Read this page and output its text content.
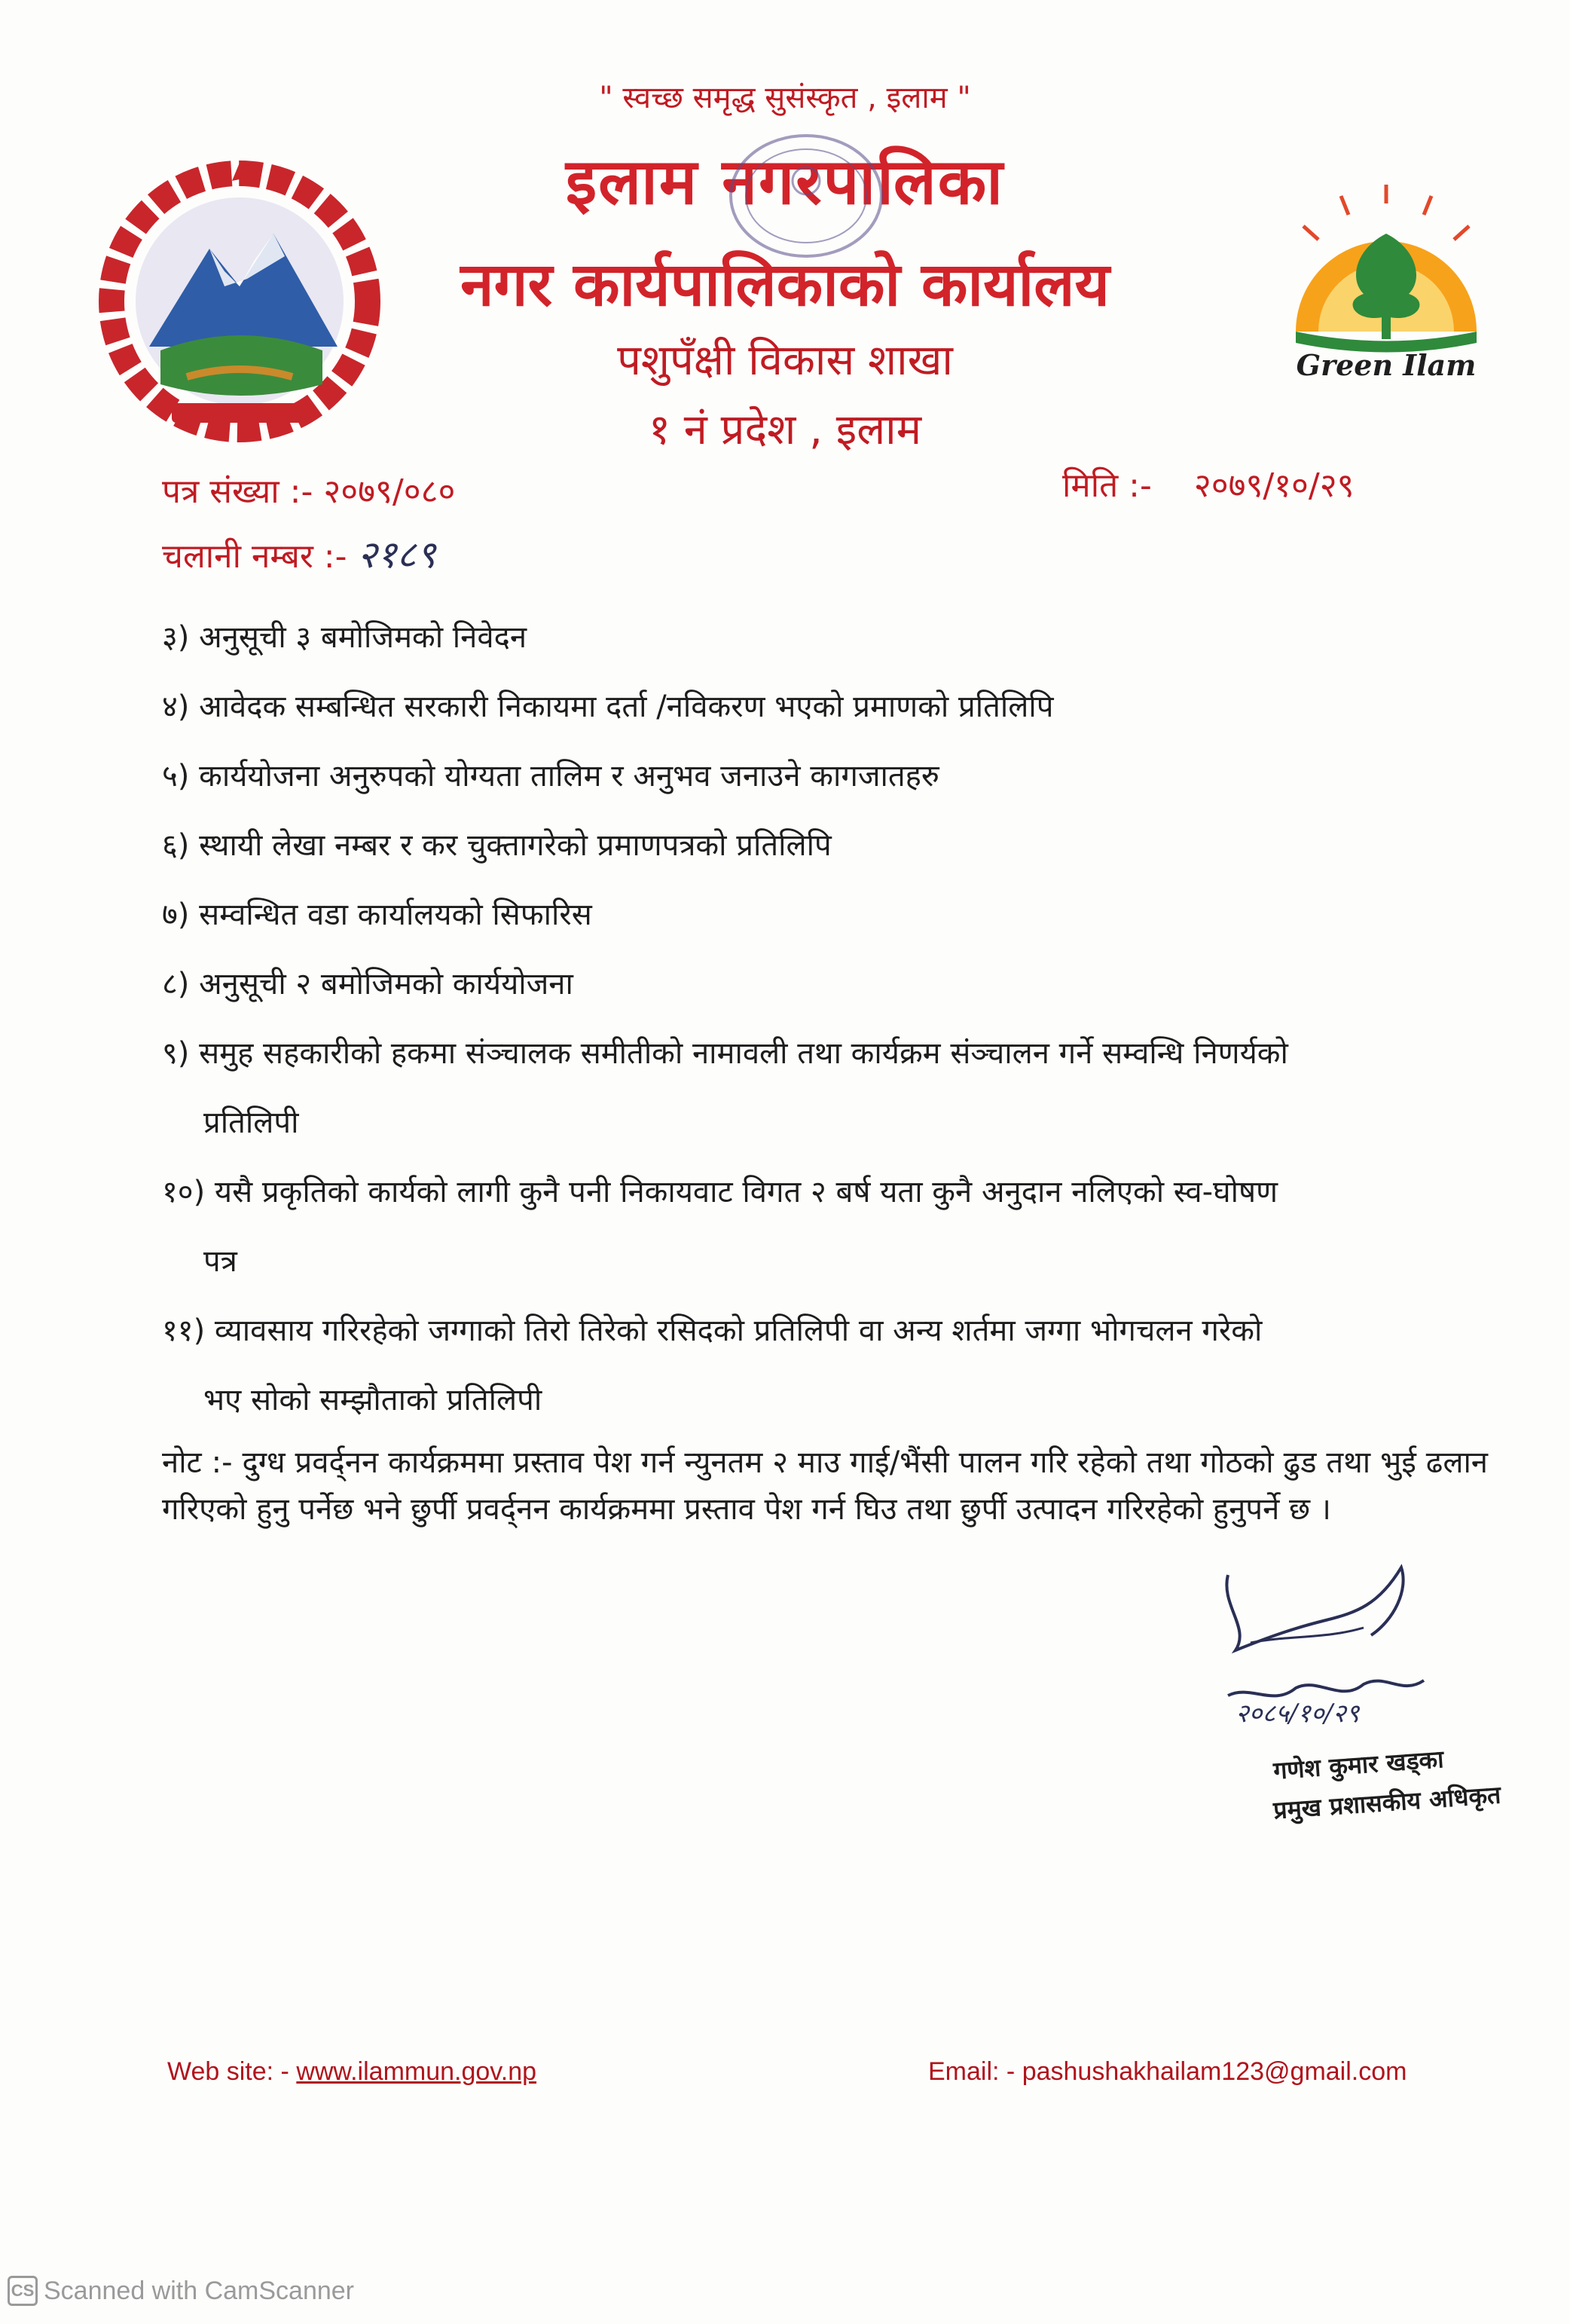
" स्वच्छ समृद्ध सुसंस्कृत , इलाम "
इलाम नगरपालिका
नगर कार्यपालिकाको कार्यालय
पशुपँक्षी विकास शाखा
१ नं प्रदेश , इलाम
Green Ilam
पत्र संख्या :- २०७९/०८०	मिति :- २०७९/१०/२९
चलानी नम्बर :- २१८९

३) अनुसूची ३ बमोजिमको निवेदन

४) आवेदक सम्बन्धित सरकारी निकायमा दर्ता /नविकरण भएको प्रमाणको प्रतिलिपि

५) कार्ययोजना अनुरुपको योग्यता तालिम र अनुभव जनाउने कागजातहरु

६) स्थायी लेखा नम्बर र कर चुक्तागरेको प्रमाणपत्रको प्रतिलिपि

७) सम्वन्धित वडा कार्यालयको सिफारिस

८) अनुसूची २ बमोजिमको कार्ययोजना

९) समुह सहकारीको हकमा संञ्चालक समीतीको नामावली तथा कार्यक्रम संञ्चालन गर्ने सम्वन्धि निणर्यको
प्रतिलिपी

१०) यसै प्रकृतिको कार्यको लागी कुनै पनी निकायवाट विगत २ बर्ष यता कुनै अनुदान नलिएको स्व-घोषण
पत्र

११) व्यावसाय गरिरहेको जग्गाको तिरो तिरेको रसिदको प्रतिलिपी वा अन्य शर्तमा जग्गा भोगचलन गरेको
भए सोको सम्झौताको प्रतिलिपी

नोट :- दुग्ध प्रवर्द्नन कार्यक्रममा प्रस्ताव पेश गर्न न्युनतम २ माउ गाई/भैंसी पालन गरि रहेको तथा गोठको ढुड तथा भुई ढलान गरिएको हुनु पर्नेछ भने छुर्पी प्रवर्द्नन कार्यक्रममा प्रस्ताव पेश गर्न घिउ तथा छुर्पी उत्पादन गरिरहेको हुनुपर्ने छ ।
२०८५/१०/२९
गणेश कुमार खड्का
प्रमुख प्रशासकीय अधिकृत
Web site: - www.ilammun.gov.np	Email: - pashushakhailam123@gmail.com
CS Scanned with CamScanner
